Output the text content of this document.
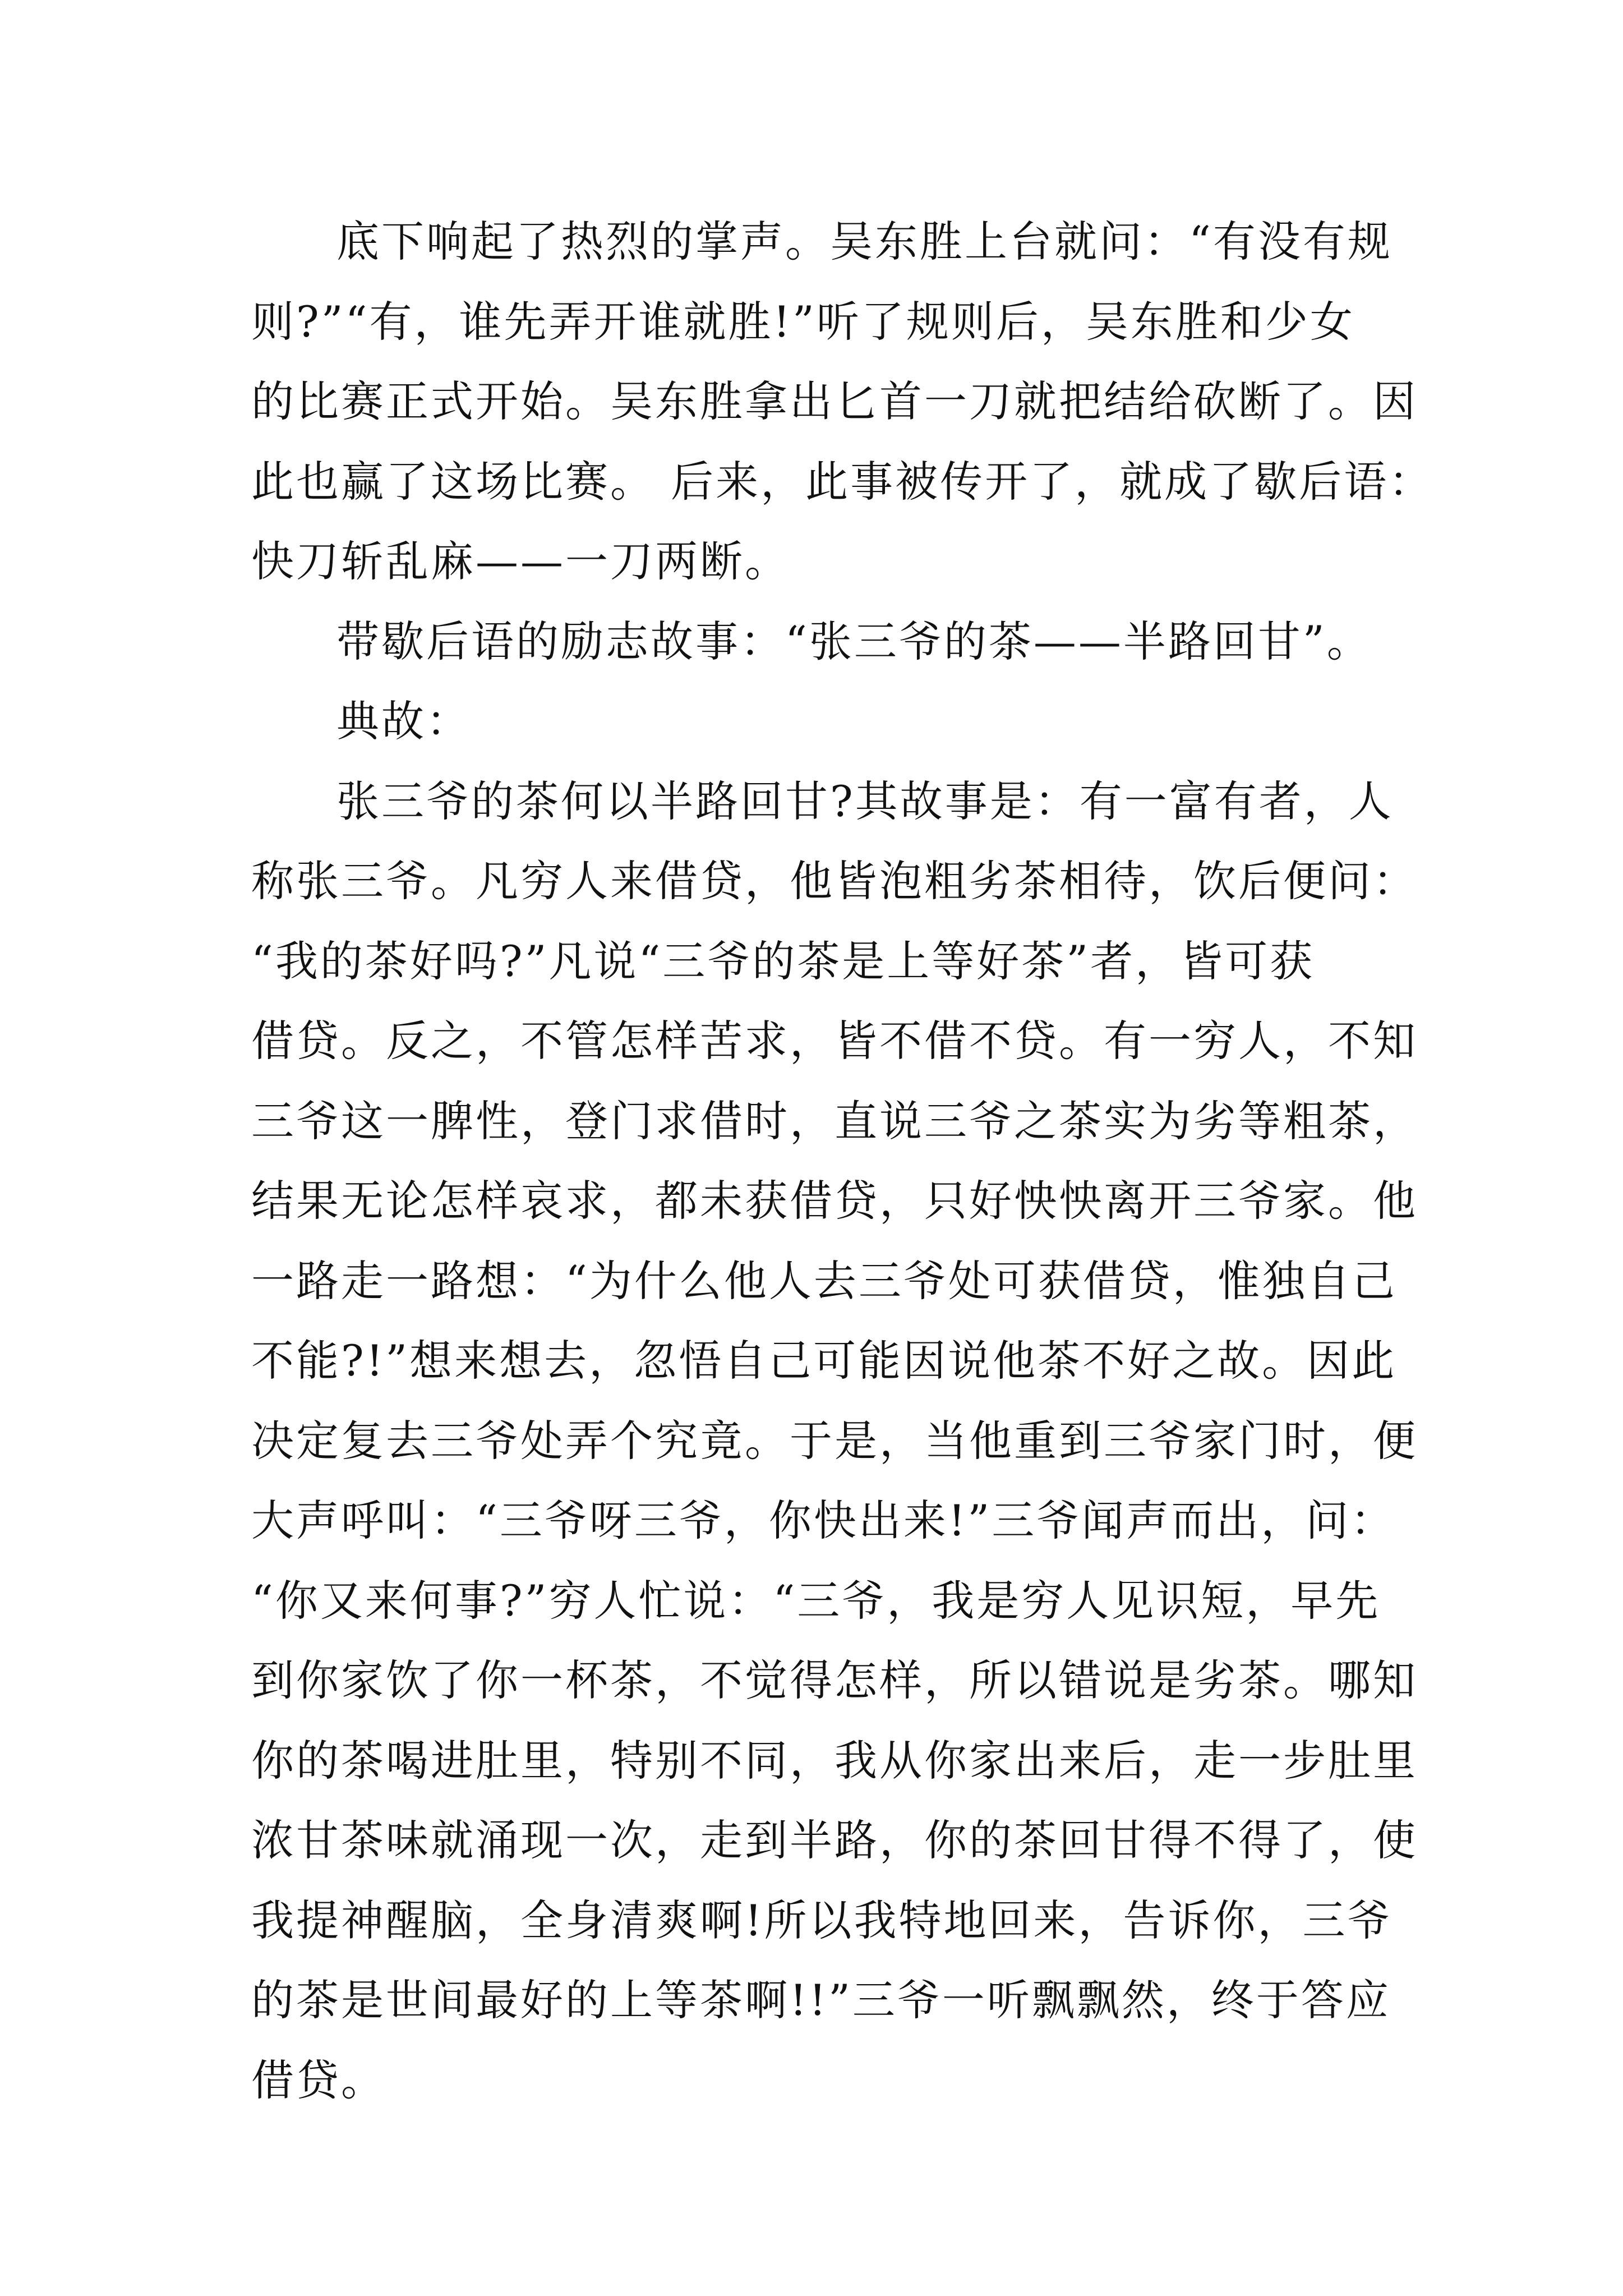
底下响起了热烈的掌声。吴东胜上台就问：“有没有规
则?”“有，谁先弄开谁就胜!”听了规则后，吴东胜和少女
的比赛正式开始。吴东胜拿出匕首一刀就把结给砍断了。因
此也赢了这场比赛。 后来，此事被传开了，就成了歇后语：
快刀斩乱麻——一刀两断。
带歇后语的励志故事：“张三爷的茶——半路回甘”。
典故：
张三爷的茶何以半路回甘?其故事是：有一富有者，人
称张三爷。凡穷人来借贷，他皆泡粗劣茶相待，饮后便问：
“我的茶好吗?”凡说“三爷的茶是上等好茶”者，皆可获
借贷。反之，不管怎样苦求，皆不借不贷。有一穷人，不知
三爷这一脾性，登门求借时，直说三爷之茶实为劣等粗茶，
结果无论怎样哀求，都未获借贷，只好怏怏离开三爷家。他
一路走一路想：“为什么他人去三爷处可获借贷，惟独自己
不能?!”想来想去，忽悟自己可能因说他茶不好之故。因此
决定复去三爷处弄个究竟。于是，当他重到三爷家门时，便
大声呼叫：“三爷呀三爷，你快出来!”三爷闻声而出，问：
“你又来何事?”穷人忙说：“三爷，我是穷人见识短，早先
到你家饮了你一杯茶，不觉得怎样，所以错说是劣茶。哪知
你的茶喝进肚里，特别不同，我从你家出来后，走一步肚里
浓甘茶味就涌现一次，走到半路，你的茶回甘得不得了，使
我提神醒脑，全身清爽啊!所以我特地回来，告诉你，三爷
的茶是世间最好的上等茶啊!!”三爷一听飘飘然，终于答应
借贷。
